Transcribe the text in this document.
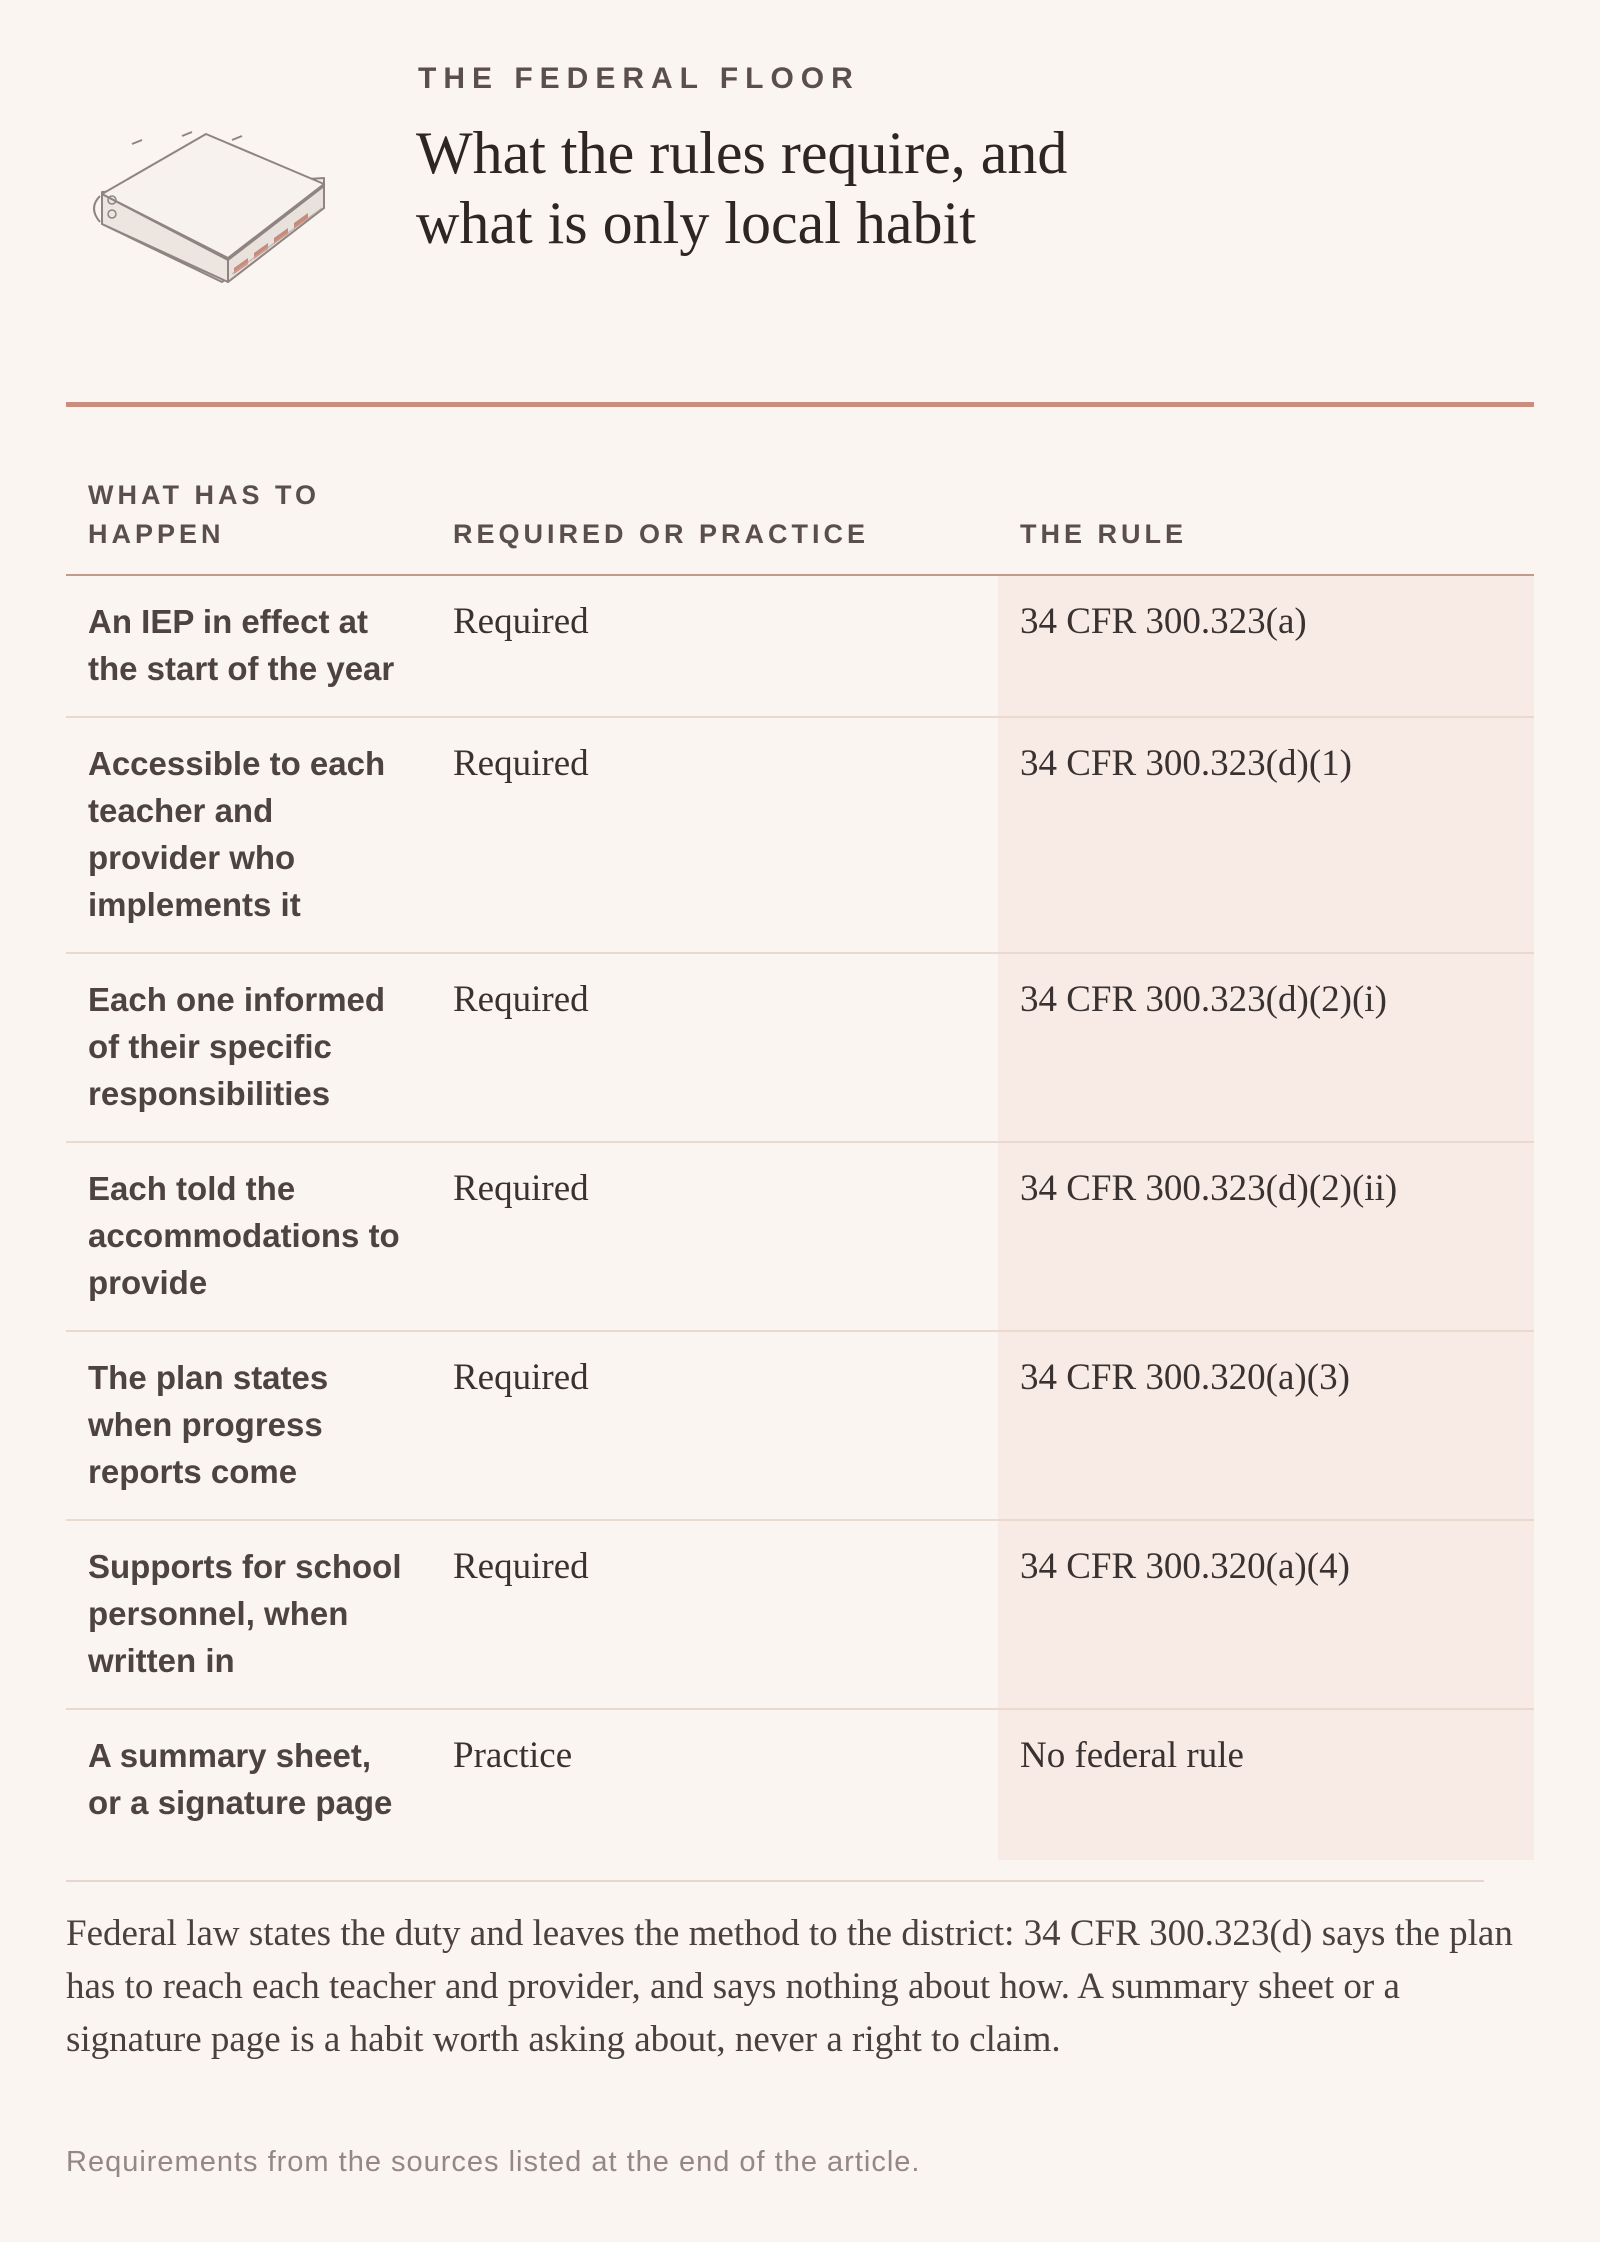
THE FEDERAL FLOOR

What the rules require, and
what is only local habit
WHAT HAS TO HAPPEN	REQUIRED OR PRACTICE	THE RULE
An IEP in effect at the start of the year	Required	34 CFR 300.323(a)
Accessible to each teacher and provider who implements it	Required	34 CFR 300.323(d)(1)
Each one informed of their specific responsibilities	Required	34 CFR 300.323(d)(2)(i)
Each told the accommodations to provide	Required	34 CFR 300.323(d)(2)(ii)
The plan states when progress reports come	Required	34 CFR 300.320(a)(3)
Supports for school personnel, when written in	Required	34 CFR 300.320(a)(4)
A summary sheet, or a signature page	Practice	No federal rule

Federal law states the duty and leaves the method to the district: 34 CFR 300.323(d) says the plan has to reach each teacher and provider, and says nothing about how. A summary sheet or a signature page is a habit worth asking about, never a right to claim.

Requirements from the sources listed at the end of the article.
